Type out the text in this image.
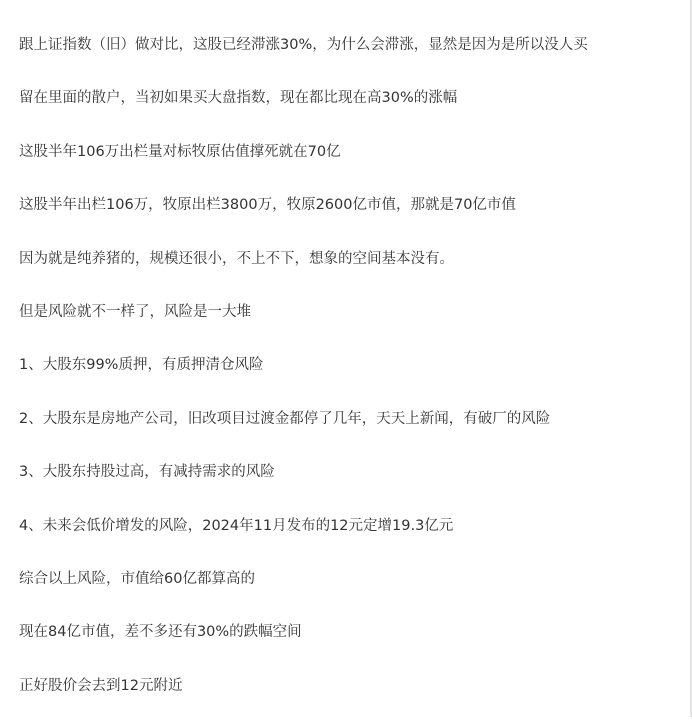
跟上证指数（旧）做对比，这股已经滞涨30%，为什么会滞涨，显然是因为是所以没人买

留在里面的散户，当初如果买大盘指数，现在都比现在高30%的涨幅

这股半年106万出栏量对标牧原估值撑死就在70亿

这股半年出栏106万，牧原出栏3800万，牧原2600亿市值，那就是70亿市值

因为就是纯养猪的，规模还很小，不上不下，想象的空间基本没有。

但是风险就不一样了，风险是一大堆

1、大股东99%质押，有质押清仓风险

2、大股东是房地产公司，旧改项目过渡金都停了几年，天天上新闻，有破厂的风险

3、大股东持股过高，有减持需求的风险

4、未来会低价增发的风险，2024年11月发布的12元定增19.3亿元

综合以上风险，市值给60亿都算高的

现在84亿市值，差不多还有30%的跌幅空间

正好股价会去到12元附近
